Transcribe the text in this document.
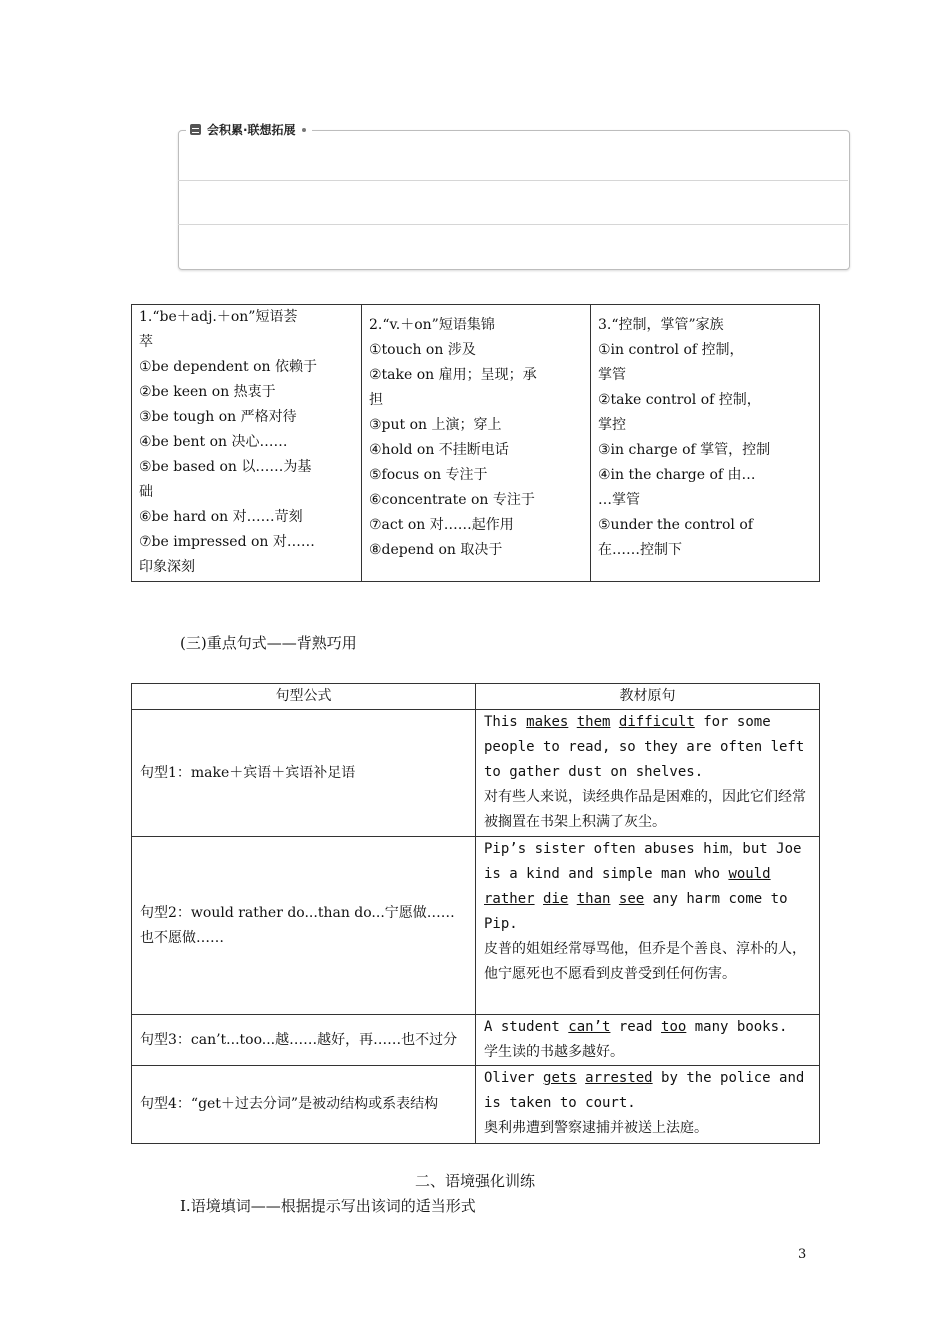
会积累·联想拓展
1.“be＋adj.＋on”短语荟
萃
①be dependent on 依赖于
②be keen on 热衷于
③be tough on 严格对待
④be bent on 决心……
⑤be based on 以……为基
础
⑥be hard on 对……苛刻
⑦be impressed on 对……
印象深刻

2.“v.＋on”短语集锦
①touch on 涉及
②take on 雇用；呈现；承
担
③put on 上演；穿上
④hold on 不挂断电话
⑤focus on 专注于
⑥concentrate on 专注于
⑦act on 对……起作用
⑧depend on 取决于

3.“控制，掌管”家族
①in control of 控制，
掌管
②take control of 控制，
掌控
③in charge of 掌管，控制
④in the charge of 由…
…掌管
⑤under the control of
在……控制下
(三)重点句式——背熟巧用
句型公式	教材原句
句型1：make＋宾语＋宾语补足语	This makes them difficult for some people to read, so they are often left to gather dust on shelves.
对有些人来说，读经典作品是困难的，因此它们经常被搁置在书架上积满了灰尘。

句型2：would rather do...than do...宁愿做……也不愿做……	Pip’s sister often abuses him，but Joe is a kind and simple man who would rather die than see any harm come to Pip.
皮普的姐姐经常辱骂他，但乔是个善良、淳朴的人，他宁愿死也不愿看到皮普受到任何伤害。

句型3：can’t...too...越……越好，再……也不过分	A student can’t read too many books.
学生读的书越多越好。

句型4：“get＋过去分词”是被动结构或系表结构	Oliver gets arrested by the police and is taken to court.
奥利弗遭到警察逮捕并被送上法庭。
二、语境强化训练
Ⅰ.语境填词——根据提示写出该词的适当形式
3
